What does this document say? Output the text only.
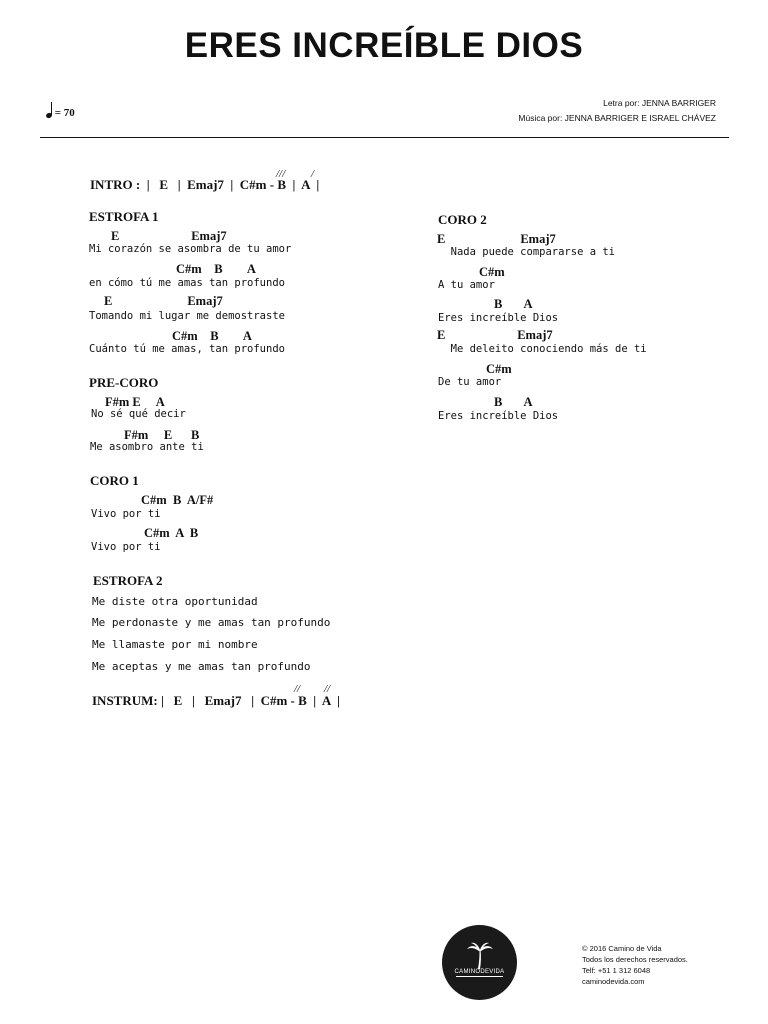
ERES INCREÍBLE DIOS
= 70
Letra por: JENNA BARRIGER
Música por: JENNA BARRIGER E ISRAEL CHÁVEZ
/// /
INTRO : |   E   |  Emaj7  |  C#m - B  |  A  |
ESTROFA 1
E                       Emaj7
Mi corazón se asombra de tu amor
C#m    B        A
en cómo tú me amas tan profundo
E                        Emaj7
Tomando mi lugar me demostraste
C#m    B        A
Cuánto tú me amas, tan profundo
PRE-CORO
F#m E     A
No sé qué decir
F#m     E      B
Me asombro ante ti
CORO 1
C#m  B  A/F#
Vivo por ti
C#m  A  B
Vivo por ti
ESTROFA 2
Me diste otra oportunidad
Me perdonaste y me amas tan profundo
Me llamaste por mi nombre
Me aceptas y me amas tan profundo
// //
INSTRUM: |   E   |   Emaj7   |  C#m - B  |  A  |
CORO 2
E                        Emaj7
Nada puede compararse a ti
C#m
A tu amor
B       A
Eres increíble Dios
E                       Emaj7
Me deleito conociendo más de ti
C#m
De tu amor
B       A
Eres increíble Dios
CAMINODEVIDA
© 2016 Camino de Vida
Todos los derechos reservados.
Telf: +51 1 312 6048
caminodevida.com
